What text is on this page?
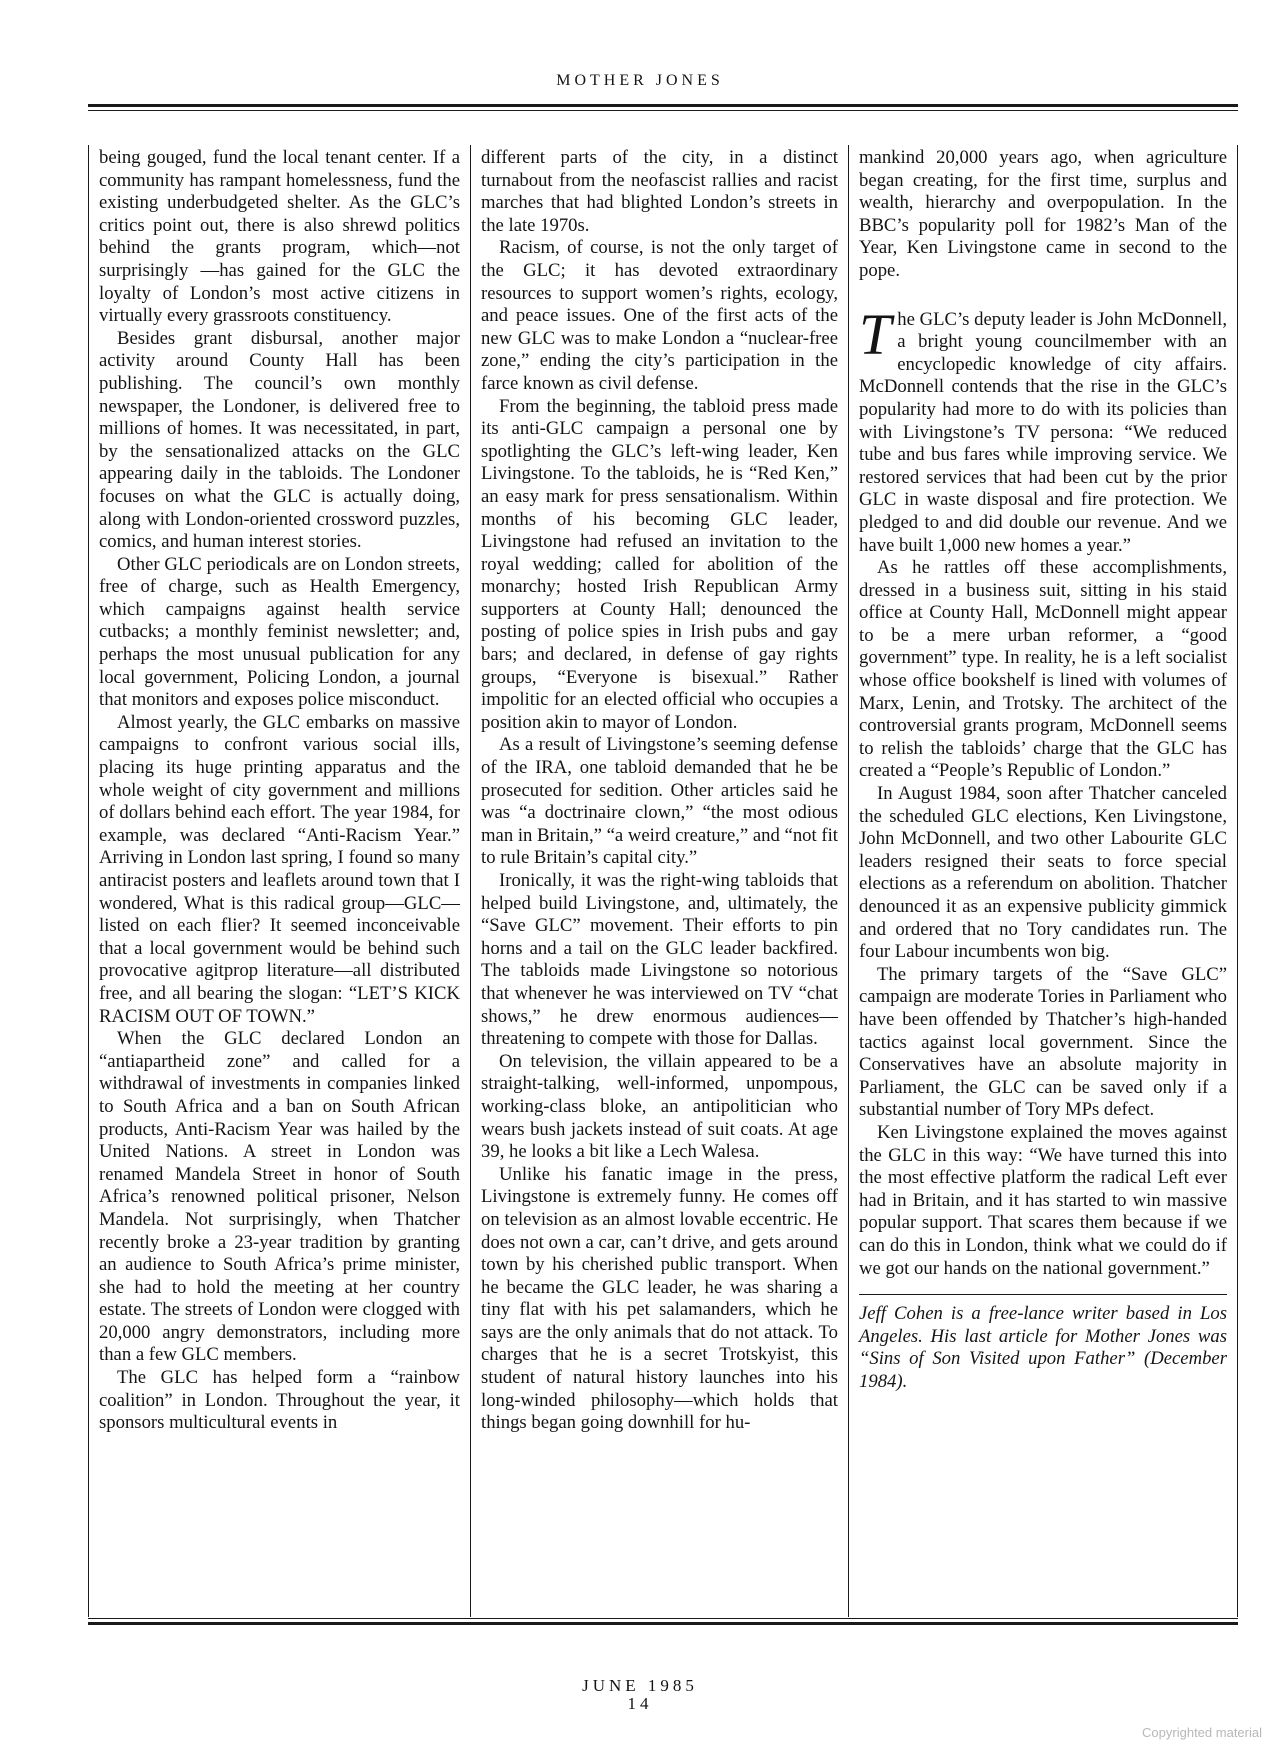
MOTHER JONES

being gouged, fund the local tenant center. If a community has rampant homelessness, fund the existing underbudgeted shelter. As the GLC’s critics point out, there is also shrewd politics behind the grants program, which—not surprisingly —has gained for the GLC the loyalty of London’s most active citizens in virtually every grassroots constituency.

Besides grant disbursal, another major activity around County Hall has been publishing. The council’s own monthly newspaper, the Londoner, is delivered free to millions of homes. It was necessitated, in part, by the sensationalized attacks on the GLC appearing daily in the tabloids. The Londoner focuses on what the GLC is actually doing, along with London-oriented crossword puzzles, comics, and human interest stories.

Other GLC periodicals are on London streets, free of charge, such as Health Emergency, which campaigns against health service cutbacks; a monthly feminist newsletter; and, perhaps the most unusual publication for any local government, Policing London, a journal that monitors and exposes police misconduct.

Almost yearly, the GLC embarks on massive campaigns to confront various social ills, placing its huge printing apparatus and the whole weight of city government and millions of dollars behind each effort. The year 1984, for example, was declared “Anti-Racism Year.” Arriving in London last spring, I found so many antiracist posters and leaflets around town that I wondered, What is this radical group—GLC—listed on each flier? It seemed inconceivable that a local government would be behind such provocative agitprop literature—all distributed free, and all bearing the slogan: “LET’S KICK RACISM OUT OF TOWN.”

When the GLC declared London an “antiapartheid zone” and called for a withdrawal of investments in companies linked to South Africa and a ban on South African products, Anti-Racism Year was hailed by the United Nations. A street in London was renamed Mandela Street in honor of South Africa’s renowned political prisoner, Nelson Mandela. Not surprisingly, when Thatcher recently broke a 23-year tradition by granting an audience to South Africa’s prime minister, she had to hold the meeting at her country estate. The streets of London were clogged with 20,000 angry demonstrators, including more than a few GLC members.

The GLC has helped form a “rainbow coalition” in London. Throughout the year, it sponsors multicultural events in

different parts of the city, in a distinct turnabout from the neofascist rallies and racist marches that had blighted London’s streets in the late 1970s.

Racism, of course, is not the only target of the GLC; it has devoted extraordinary resources to support women’s rights, ecology, and peace issues. One of the first acts of the new GLC was to make London a “nuclear-free zone,” ending the city’s participation in the farce known as civil defense.

From the beginning, the tabloid press made its anti-GLC campaign a personal one by spotlighting the GLC’s left-wing leader, Ken Livingstone. To the tabloids, he is “Red Ken,” an easy mark for press sensationalism. Within months of his becoming GLC leader, Livingstone had refused an invitation to the royal wedding; called for abolition of the monarchy; hosted Irish Republican Army supporters at County Hall; denounced the posting of police spies in Irish pubs and gay bars; and declared, in defense of gay rights groups, “Everyone is bisexual.” Rather impolitic for an elected official who occupies a position akin to mayor of London.

As a result of Livingstone’s seeming defense of the IRA, one tabloid demanded that he be prosecuted for sedition. Other articles said he was “a doctrinaire clown,” “the most odious man in Britain,” “a weird creature,” and “not fit to rule Britain’s capital city.”

Ironically, it was the right-wing tabloids that helped build Livingstone, and, ultimately, the “Save GLC” movement. Their efforts to pin horns and a tail on the GLC leader backfired. The tabloids made Livingstone so notorious that whenever he was interviewed on TV “chat shows,” he drew enormous audiences—threatening to compete with those for Dallas.

On television, the villain appeared to be a straight-talking, well-informed, unpompous, working-class bloke, an antipolitician who wears bush jackets instead of suit coats. At age 39, he looks a bit like a Lech Walesa.

Unlike his fanatic image in the press, Livingstone is extremely funny. He comes off on television as an almost lovable eccentric. He does not own a car, can’t drive, and gets around town by his cherished public transport. When he became the GLC leader, he was sharing a tiny flat with his pet salamanders, which he says are the only animals that do not attack. To charges that he is a secret Trotskyist, this student of natural history launches into his long-winded philosophy—which holds that things began going downhill for hu-

mankind 20,000 years ago, when agriculture began creating, for the first time, surplus and wealth, hierarchy and overpopulation. In the BBC’s popularity poll for 1982’s Man of the Year, Ken Livingstone came in second to the pope.

The GLC’s deputy leader is John McDonnell, a bright young councilmember with an encyclopedic knowledge of city affairs. McDonnell contends that the rise in the GLC’s popularity had more to do with its policies than with Livingstone’s TV persona: “We reduced tube and bus fares while improving service. We restored services that had been cut by the prior GLC in waste disposal and fire protection. We pledged to and did double our revenue. And we have built 1,000 new homes a year.”

As he rattles off these accomplishments, dressed in a business suit, sitting in his staid office at County Hall, McDonnell might appear to be a mere urban reformer, a “good government” type. In reality, he is a left socialist whose office bookshelf is lined with volumes of Marx, Lenin, and Trotsky. The architect of the controversial grants program, McDonnell seems to relish the tabloids’ charge that the GLC has created a “People’s Republic of London.”

In August 1984, soon after Thatcher canceled the scheduled GLC elections, Ken Livingstone, John McDonnell, and two other Labourite GLC leaders resigned their seats to force special elections as a referendum on abolition. Thatcher denounced it as an expensive publicity gimmick and ordered that no Tory candidates run. The four Labour incumbents won big.

The primary targets of the “Save GLC” campaign are moderate Tories in Parliament who have been offended by Thatcher’s high-handed tactics against local government. Since the Conservatives have an absolute majority in Parliament, the GLC can be saved only if a substantial number of Tory MPs defect.

Ken Livingstone explained the moves against the GLC in this way: “We have turned this into the most effective platform the radical Left ever had in Britain, and it has started to win massive popular support. That scares them because if we can do this in London, think what we could do if we got our hands on the national government.”

Jeff Cohen is a free-lance writer based in Los Angeles. His last article for Mother Jones was “Sins of Son Visited upon Father” (December 1984).

JUNE 1985
14
Copyrighted material
